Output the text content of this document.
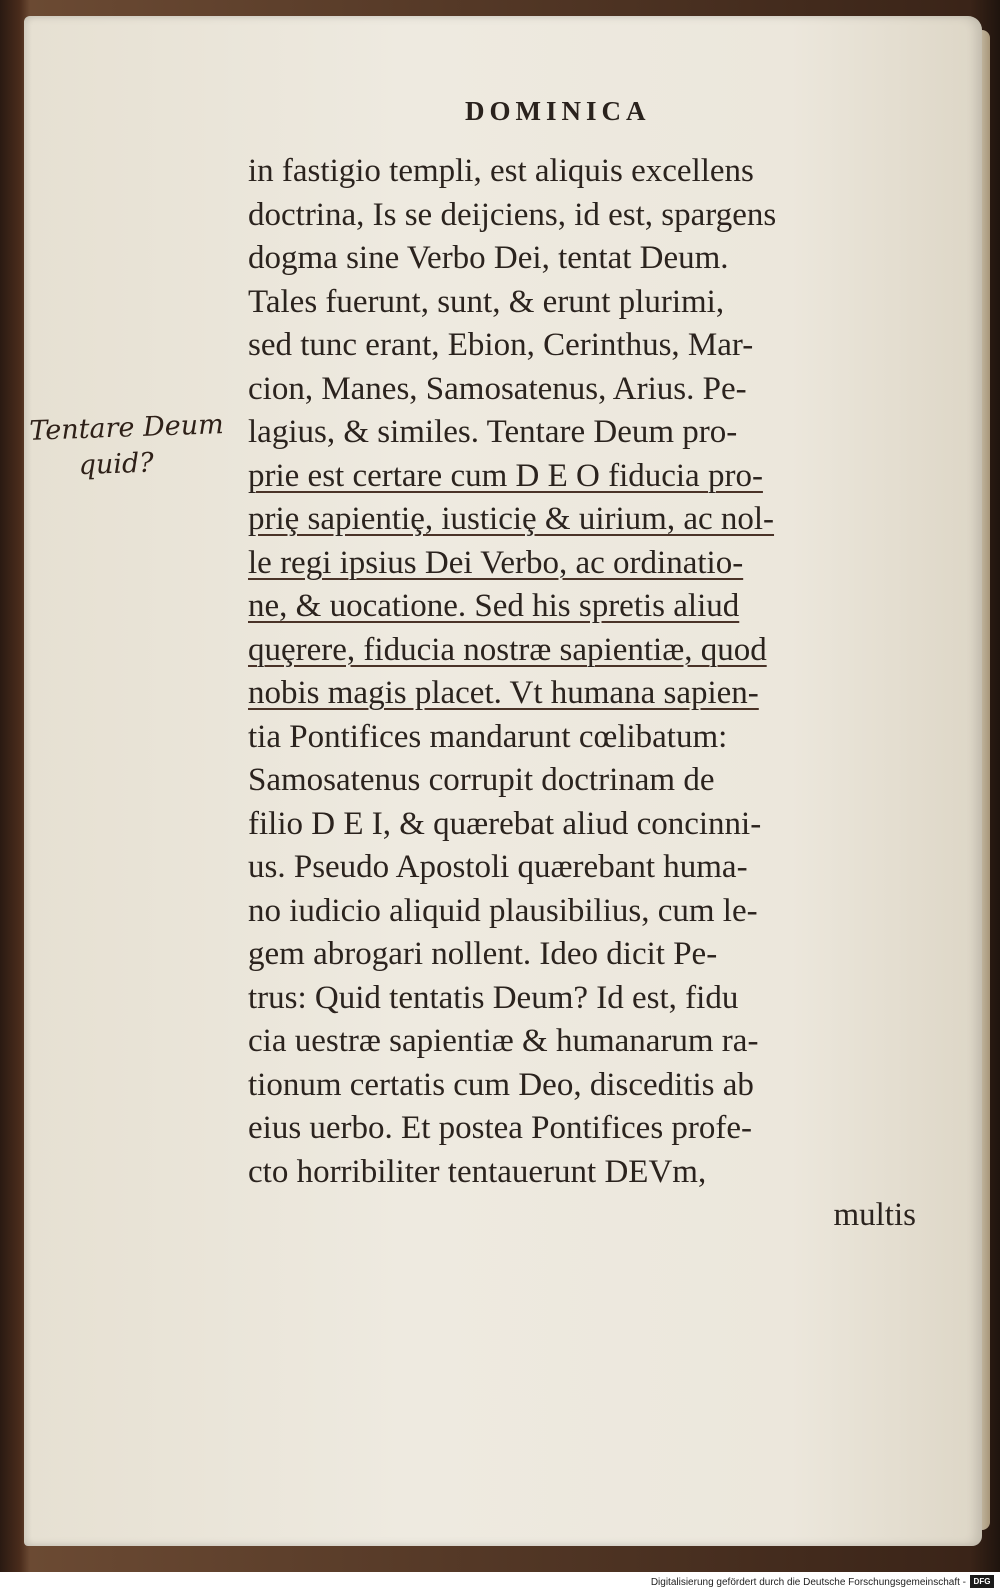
DOMINICA
Tentare Deum
quid?
in fastigio templi, est aliquis excellens
doctrina, Is se deijciens, id est, spargens
dogma sine Verbo Dei, tentat Deum.
Tales fuerunt, sunt, & erunt plurimi,
sed tunc erant, Ebion, Cerinthus, Mar-
cion, Manes, Samosatenus, Arius. Pe-
lagius, & similes. Tentare Deum pro-
prie est certare cum D E O fiducia pro-
priȩ sapientiȩ, iusticiȩ & uirium, ac nol-
le regi ipsius Dei Verbo, ac ordinatio-
ne, & uocatione. Sed his spretis aliud
quȩrere, fiducia nostræ sapientiæ, quod
nobis magis placet. Vt humana sapien-
tia Pontifices mandarunt cœlibatum:
Samosatenus corrupit doctrinam de
filio D E I, & quærebat aliud concinni-
us. Pseudo Apostoli quærebant huma-
no iudicio aliquid plausibilius, cum le-
gem abrogari nollent. Ideo dicit Pe-
trus: Quid tentatis Deum? Id est, fidu
cia uestræ sapientiæ & humanarum ra-
tionum certatis cum Deo, disceditis ab
eius uerbo. Et postea Pontifices profe-
cto horribiliter tentauerunt DEVm,
multis
Digitalisierung gefördert durch die Deutsche Forschungsgemeinschaft - DFG
